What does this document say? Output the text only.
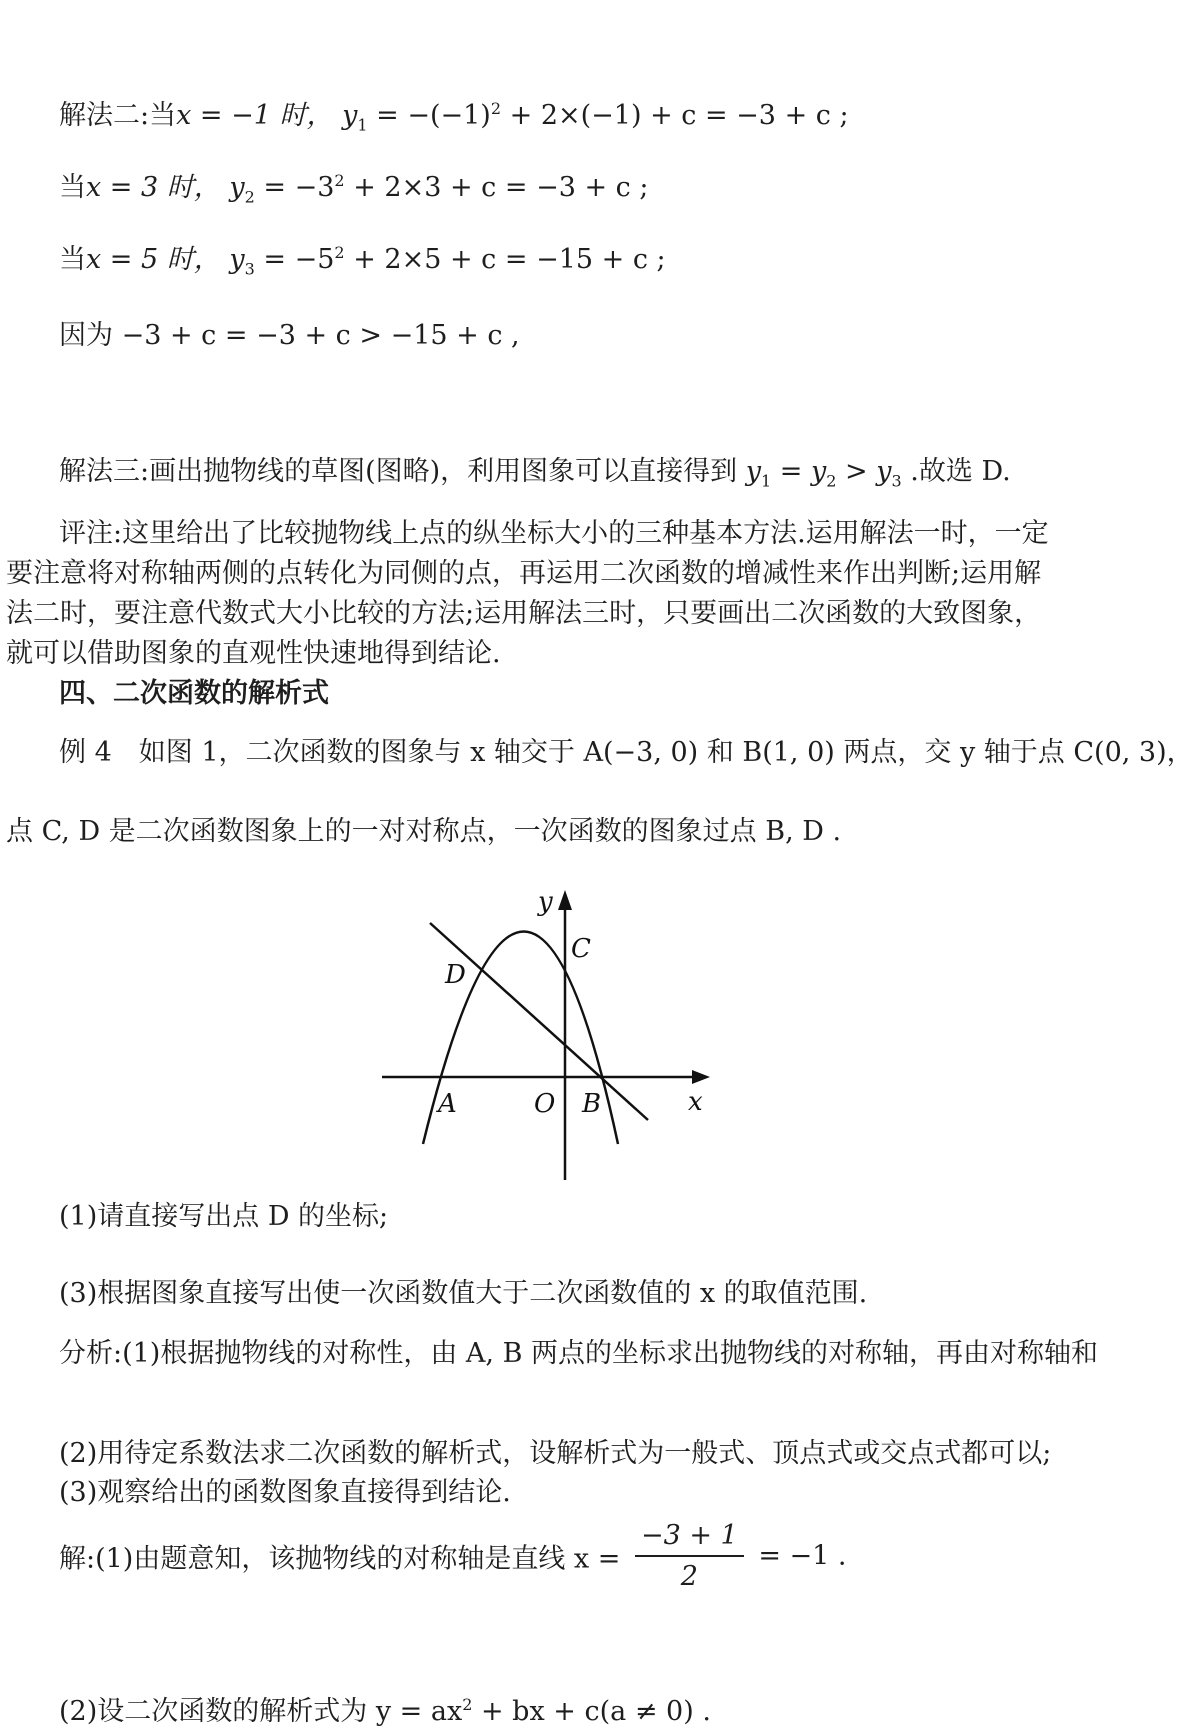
解法二:当x = −1 时， $y_1 = -(-1)^2 + 2\times(-1) + c = -3 + c$ ;
当x = 3 时， $y_2 = -3^2 + 2\times 3 + c = -3 + c$ ;
当x = 5 时， $y_3 = -5^2 + 2\times 5 + c = -15 + c$ ;
因为 −3 + c = −3 + c > −15 + c ,
解法三:画出抛物线的草图(图略)，利用图象可以直接得到 $y_1 = y_2 > y_3$ .故选 D.
评注:这里给出了比较抛物线上点的纵坐标大小的三种基本方法.运用解法一时，一定要注意将对称轴两侧的点转化为同侧的点，再运用二次函数的增减性来作出判断;运用解法二时，要注意代数式大小比较的方法;运用解法三时，只要画出二次函数的大致图象，就可以借助图象的直观性快速地得到结论.
四、二次函数的解析式
例 4　如图 1，二次函数的图象与 x 轴交于 A(−3, 0) 和 B(1, 0) 两点，交 y 轴于点 C(0, 3)，
点 C, D 是二次函数图象上的一对对称点，一次函数的图象过点 B, D .
y
x
O
A	B
C
D
(1)请直接写出点 D 的坐标;
(3)根据图象直接写出使一次函数值大于二次函数值的 x 的取值范围.
分析:(1)根据抛物线的对称性，由 A, B 两点的坐标求出抛物线的对称轴，再由对称轴和
(2)用待定系数法求二次函数的解析式，设解析式为一般式、顶点式或交点式都可以;
(3)观察给出的函数图象直接得到结论.
解:(1)由题意知，该抛物线的对称轴是直线 $x = \frac{-3 + 1}{2} = -1$ .
(2)设二次函数的解析式为 $y = ax^2$ + bx + c(a ≠ 0) .
